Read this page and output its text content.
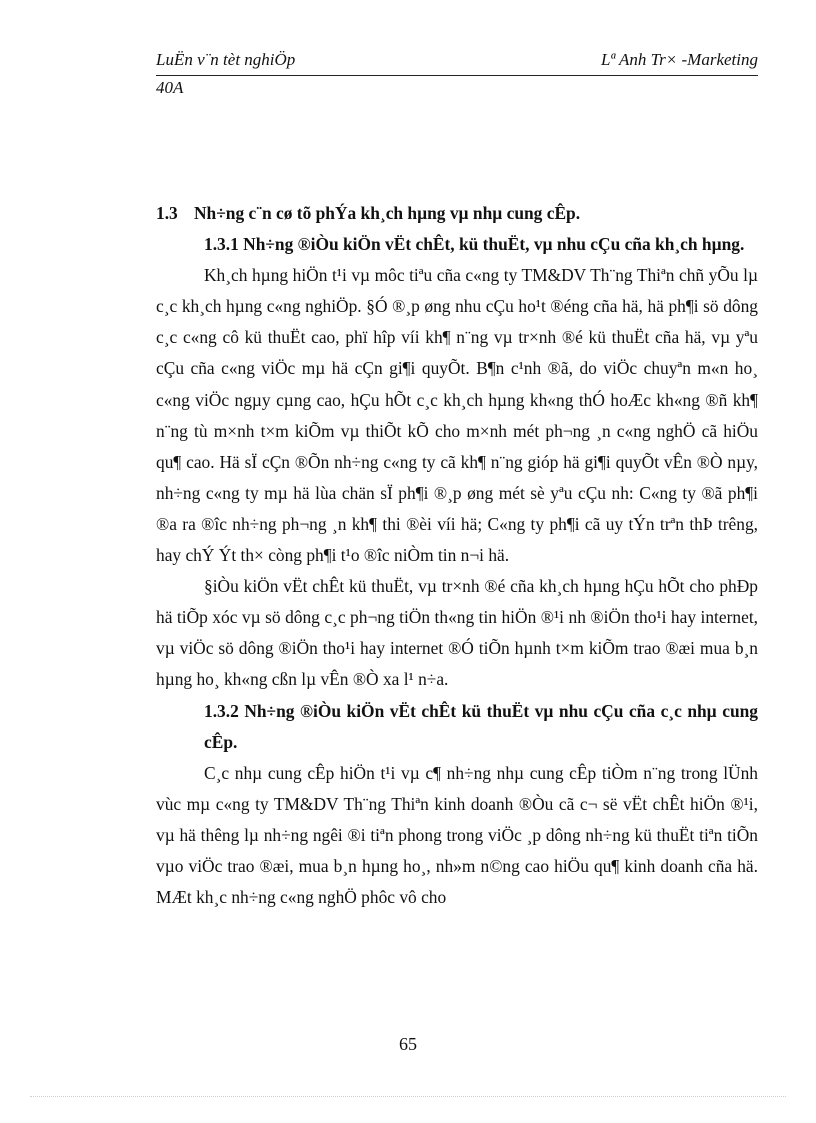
LuËn v¨n tèt nghiÖp	Lª Anh Tr× -Marketing
40A

1.3 Nh÷ng c¨n cø tõ phÝa kh¸ch hµng vµ nhµ cung cÊp.

1.3.1 Nh÷ng ®iÒu kiÖn vËt chÊt, kü thuËt, vµ nhu cÇu cña kh¸ch hµng.

Kh¸ch hµng hiÖn t¹i vµ môc tiªu cña c«ng ty TM&DV Th¨ng Thiªn chñ yÕu lµ c¸c kh¸ch hµng c«ng nghiÖp. §Ó ®¸p øng nhu cÇu ho¹t ®éng cña hä, hä ph¶i sö dông c¸c c«ng cô kü thuËt cao, phï hîp víi kh¶ n¨ng vµ tr×nh ®é kü thuËt cña hä, vµ yªu cÇu cña c«ng viÖc mµ hä cÇn gi¶i quyÕt. B¶n c¹nh ®ã, do viÖc chuyªn m«n ho¸ c«ng viÖc ngµy cµng cao, hÇu hÕt c¸c kh¸ch hµng kh«ng thÓ hoÆc kh«ng ®ñ kh¶ n¨ng tù m×nh t×m kiÕm vµ thiÕt kÕ cho m×nh mét ph¬ng ¸n c«ng nghÖ cã hiÖu qu¶ cao. Hä sÏ cÇn ®Õn nh÷ng c«ng ty cã kh¶ n¨ng gióp hä gi¶i quyÕt vÊn ®Ò nµy, nh÷ng c«ng ty mµ hä lùa chän sÏ ph¶i ®¸p øng mét sè yªu cÇu nh: C«ng ty ®ã ph¶i ®a ra ®îc nh÷ng ph¬ng ¸n kh¶ thi ®èi víi hä; C«ng ty ph¶i cã uy tÝn trªn thÞ trêng, hay chÝ Ýt th× còng ph¶i t¹o ®îc niÒm tin n¬i hä.

§iÒu kiÖn vËt chÊt kü thuËt, vµ tr×nh ®é cña kh¸ch hµng hÇu hÕt cho phÐp hä tiÕp xóc vµ sö dông c¸c ph¬ng tiÖn th«ng tin hiÖn ®¹i nh ®iÖn tho¹i hay internet, vµ viÖc sö dông ®iÖn tho¹i hay internet ®Ó tiÕn hµnh t×m kiÕm trao ®æi mua b¸n hµng ho¸ kh«ng cßn lµ vÊn ®Ò xa l¹ n÷a.

1.3.2 Nh÷ng ®iÒu kiÖn vËt chÊt kü thuËt vµ nhu cÇu cña c¸c nhµ cung cÊp.

C¸c nhµ cung cÊp hiÖn t¹i vµ c¶ nh÷ng nhµ cung cÊp tiÒm n¨ng trong lÜnh vùc mµ c«ng ty TM&DV Th¨ng Thiªn kinh doanh ®Òu cã c¬ së vËt chÊt hiÖn ®¹i, vµ hä thêng lµ nh÷ng ngêi ®i tiªn phong trong viÖc ¸p dông nh÷ng kü thuËt tiªn tiÕn vµo viÖc trao ®æi, mua b¸n hµng ho¸, nh»m n©ng cao hiÖu qu¶ kinh doanh cña hä. MÆt kh¸c nh÷ng c«ng nghÖ phôc vô cho

65
